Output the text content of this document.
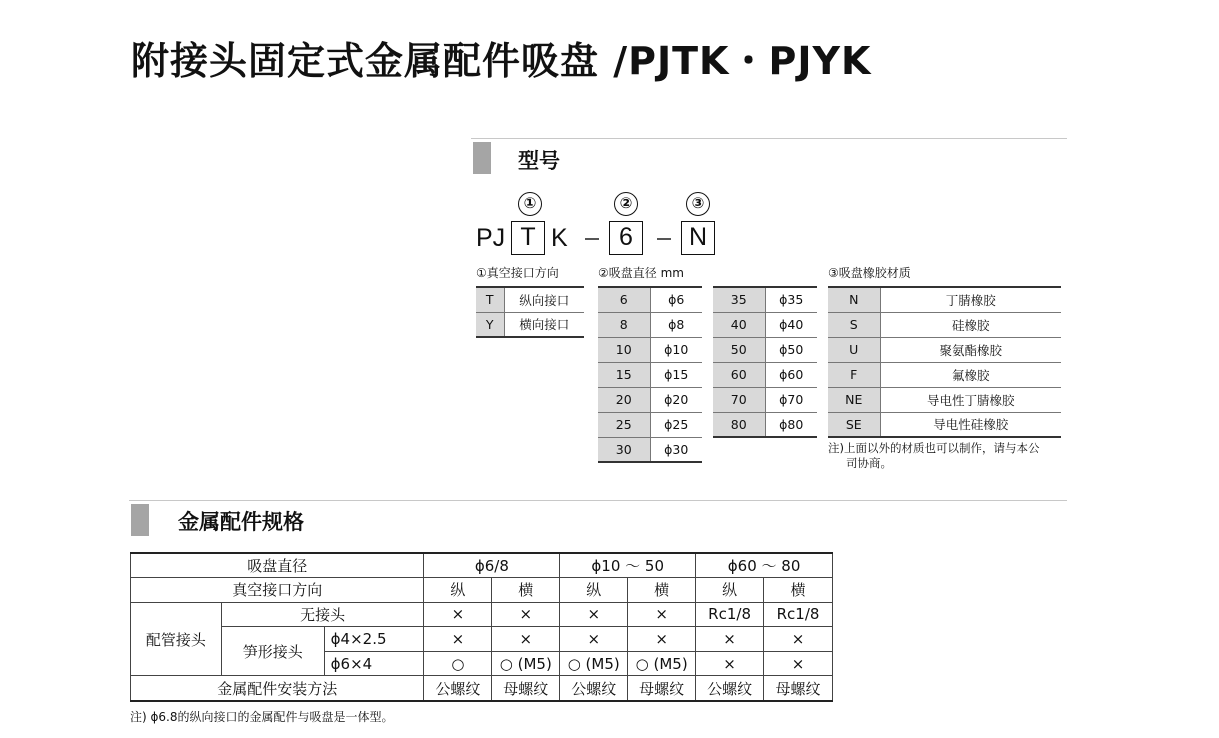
附接头固定式金属配件吸盘 /PJTK・PJYK
型号
①	②	③
PJ T K	6	N
①真空接口方向	②吸盘直径 mm	③吸盘橡胶材质
T	纵向接口
Y	横向接口
6	ϕ6
8	ϕ8
10	ϕ10
15	ϕ15
20	ϕ20
25	ϕ25
30	ϕ30
35	ϕ35
40	ϕ40
50	ϕ50
60	ϕ60
70	ϕ70
80	ϕ80
N	丁腈橡胶
S	硅橡胶
U	聚氨酯橡胶
F	氟橡胶
NE	导电性丁腈橡胶
SE	导电性硅橡胶
注)上面以外的材质也可以制作，请与本公
司协商。
金属配件规格
吸盘直径			ϕ6/8		ϕ10 ～ 50		ϕ60 ～ 80	
真空接口方向			纵	横	纵	横	纵	横
配管接头	无接头		×	×	×	×	Rc1/8	Rc1/8
	笋形接头	ϕ4×2.5	×	×	×	×	×	×
		ϕ6×4	○	○ (M5)	○ (M5)	○ (M5)	×	×
金属配件安装方法			公螺纹	母螺纹	公螺纹	母螺纹	公螺纹	母螺纹
注) ϕ6.8的纵向接口的金属配件与吸盘是一体型。
